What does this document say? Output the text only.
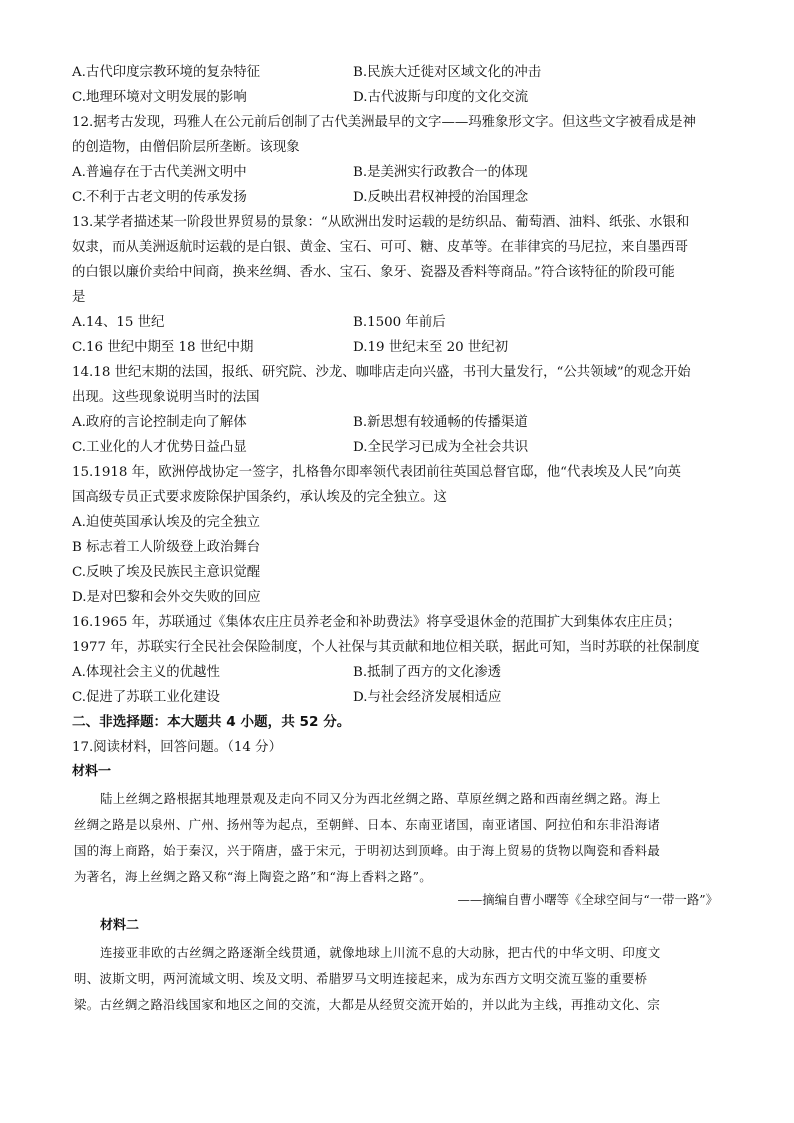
A.古代印度宗教环境的复杂特征	B.民族大迁徙对区域文化的冲击
C.地理环境对文明发展的影响	D.古代波斯与印度的文化交流
12.据考古发现，玛雅人在公元前后创制了古代美洲最早的文字——玛雅象形文字。但这些文字被看成是神
的创造物，由僧侣阶层所垄断。该现象
A.普遍存在于古代美洲文明中	B.是美洲实行政教合一的体现
C.不利于古老文明的传承发扬	D.反映出君权神授的治国理念
13.某学者描述某一阶段世界贸易的景象：“从欧洲出发时运载的是纺织品、葡萄酒、油料、纸张、水银和
奴隶，而从美洲返航时运载的是白银、黄金、宝石、可可、糖、皮革等。在菲律宾的马尼拉，来自墨西哥
的白银以廉价卖给中间商，换来丝绸、香水、宝石、象牙、瓷器及香料等商品。”符合该特征的阶段可能
是
A.14、15 世纪	B.1500 年前后
C.16 世纪中期至 18 世纪中期	D.19 世纪末至 20 世纪初
14.18 世纪末期的法国，报纸、研究院、沙龙、咖啡店走向兴盛，书刊大量发行，“公共领域”的观念开始
出现。这些现象说明当时的法国
A.政府的言论控制走向了解体	B.新思想有较通畅的传播渠道
C.工业化的人才优势日益凸显	D.全民学习已成为全社会共识
15.1918 年，欧洲停战协定一签字，扎格鲁尔即率领代表团前往英国总督官邸，他“代表埃及人民”向英
国高级专员正式要求废除保护国条约，承认埃及的完全独立。这
A.迫使英国承认埃及的完全独立
B 标志着工人阶级登上政治舞台
C.反映了埃及民族民主意识觉醒
D.是对巴黎和会外交失败的回应
16.1965 年，苏联通过《集体农庄庄员养老金和补助费法》将享受退休金的范围扩大到集体农庄庄员；
1977 年，苏联实行全民社会保险制度，个人社保与其贡献和地位相关联，据此可知，当时苏联的社保制度
A.体现社会主义的优越性	B.抵制了西方的文化渗透
C.促进了苏联工业化建设	D.与社会经济发展相适应
二、非选择题：本大题共 4 小题，共 52 分。
17.阅读材料，回答问题。（14 分）
材料一
陆上丝绸之路根据其地理景观及走向不同又分为西北丝绸之路、草原丝绸之路和西南丝绸之路。海上
丝绸之路是以泉州、广州、扬州等为起点，至朝鲜、日本、东南亚诸国，南亚诸国、阿拉伯和东非沿海诸
国的海上商路，始于秦汉，兴于隋唐，盛于宋元，于明初达到顶峰。由于海上贸易的货物以陶瓷和香料最
为著名，海上丝绸之路又称“海上陶瓷之路”和“海上香料之路”。
——摘编自曹小曙等《全球空间与“一带一路”》
材料二
连接亚非欧的古丝绸之路逐渐全线贯通，就像地球上川流不息的大动脉，把古代的中华文明、印度文
明、波斯文明，两河流域文明、埃及文明、希腊罗马文明连接起来，成为东西方文明交流互鉴的重要桥
梁。古丝绸之路沿线国家和地区之间的交流，大都是从经贸交流开始的，并以此为主线，再推动文化、宗
